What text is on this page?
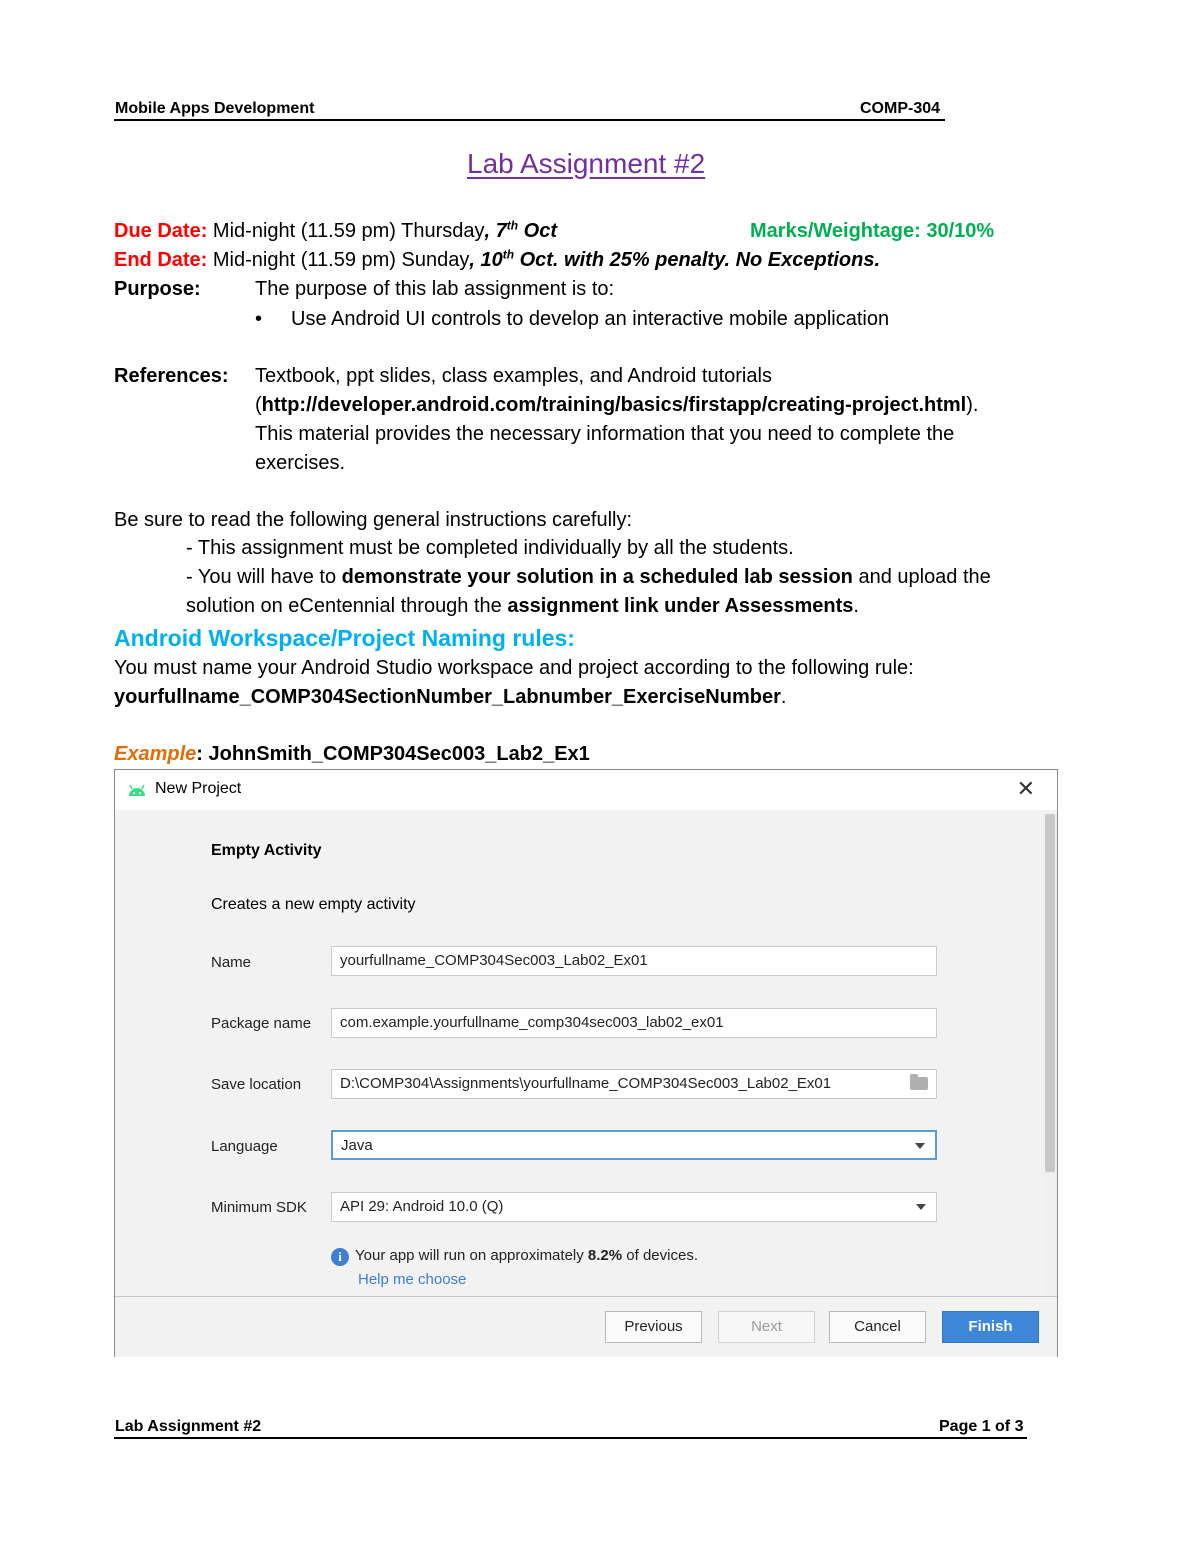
Mobile Apps Development	COMP-304
Lab Assignment #2
Due Date: Mid-night (11.59 pm) Thursday, 7th Oct	Marks/Weightage: 30/10%
End Date: Mid-night (11.59 pm) Sunday, 10th Oct. with 25% penalty. No Exceptions.
Purpose:	The purpose of this lab assignment is to:
• Use Android UI controls to develop an interactive mobile application
References: Textbook, ppt slides, class examples, and Android tutorials
(http://developer.android.com/training/basics/firstapp/creating-project.html).
This material provides the necessary information that you need to complete the
exercises.
Be sure to read the following general instructions carefully:
- This assignment must be completed individually by all the students.
- You will have to demonstrate your solution in a scheduled lab session and upload the
solution on eCentennial through the assignment link under Assessments.
Android Workspace/Project Naming rules:
You must name your Android Studio workspace and project according to the following rule:
yourfullname_COMP304SectionNumber_Labnumber_ExerciseNumber.
Example: JohnSmith_COMP304Sec003_Lab2_Ex1
New Project	✕
Empty Activity
Creates a new empty activity
Name	yourfullname_COMP304Sec003_Lab02_Ex01
Package name	com.example.yourfullname_comp304sec003_lab02_ex01
Save location	D:\COMP304\Assignments\yourfullname_COMP304Sec003_Lab02_Ex01
Language	Java
Minimum SDK	API 29: Android 10.0 (Q)
i Your app will run on approximately 8.2% of devices.
Help me choose
Previous	Next	Cancel	Finish
Lab Assignment #2	Page 1 of 3
